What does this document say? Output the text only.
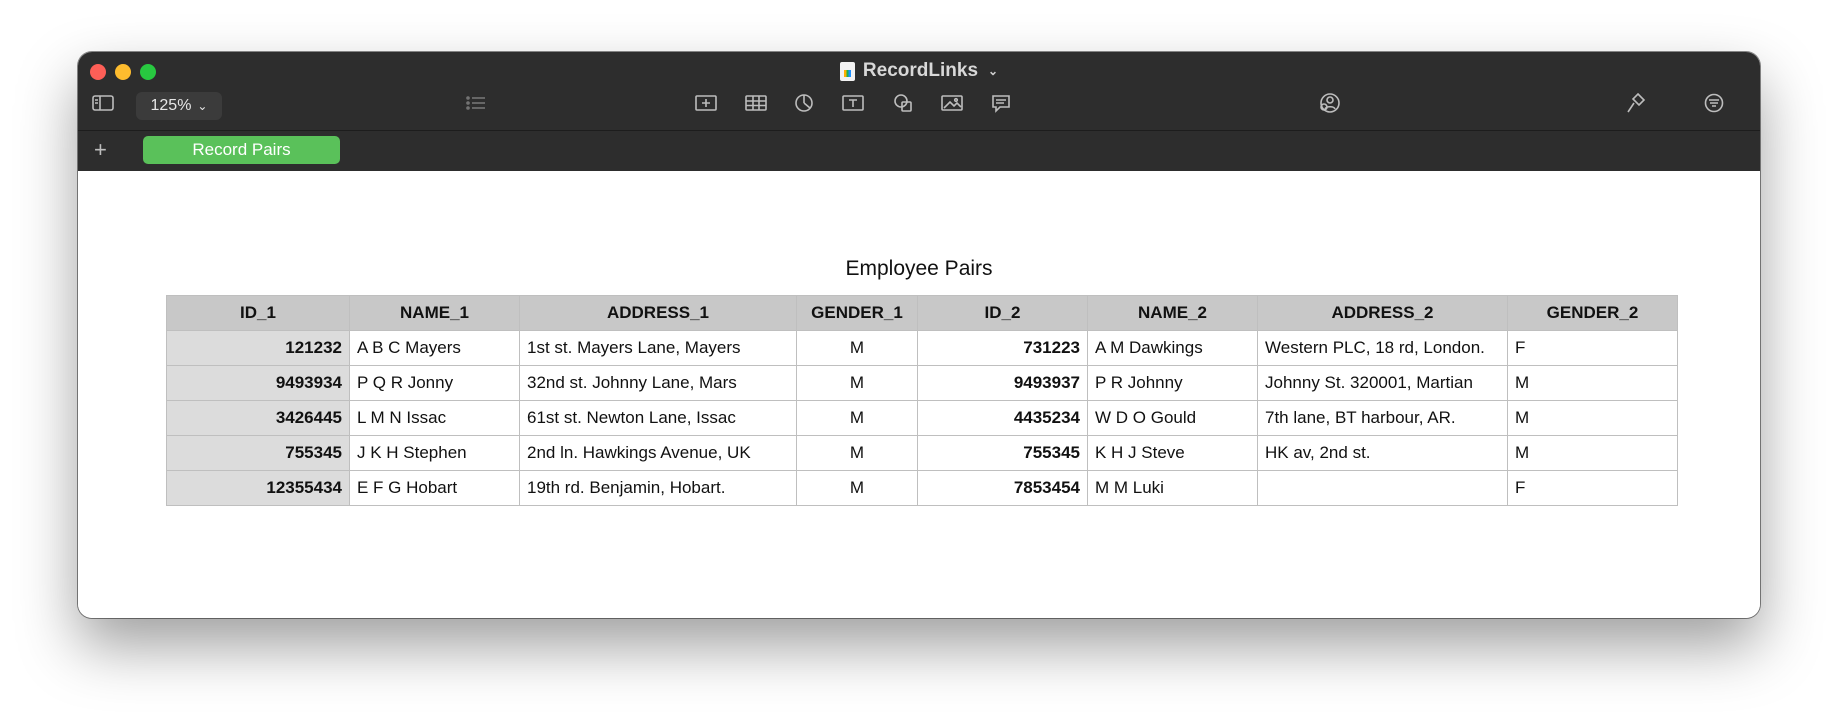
RecordLinks ⌄
125% ⌄
+	Record Pairs
Employee Pairs
ID_1	NAME_1	ADDRESS_1	GENDER_1	ID_2	NAME_2	ADDRESS_2	GENDER_2
121232	A B C Mayers	1st st. Mayers Lane, Mayers	M	731223	A M Dawkings	Western PLC, 18 rd, London.	F
9493934	P Q R Jonny	32nd st. Johnny Lane, Mars	M	9493937	P R Johnny	Johnny St. 320001, Martian	M
3426445	L M N Issac	61st st. Newton Lane, Issac	M	4435234	W D O Gould	7th lane, BT harbour, AR.	M
755345	J K H Stephen	2nd ln. Hawkings Avenue, UK	M	755345	K H J Steve	HK av, 2nd st.	M
12355434	E F G Hobart	19th rd. Benjamin, Hobart.	M	7853454	M M Luki		F
